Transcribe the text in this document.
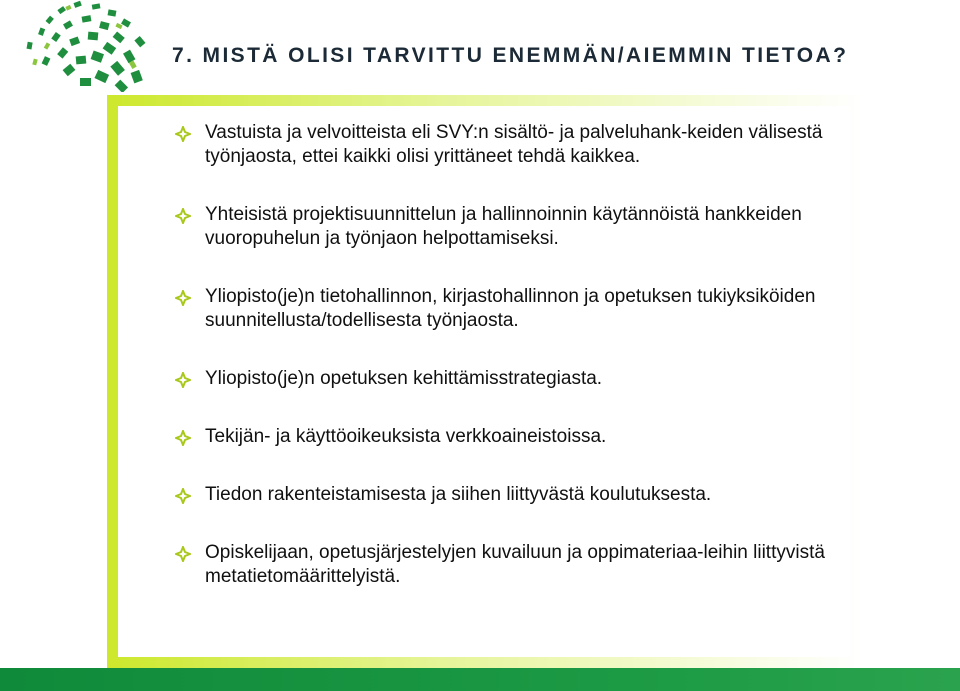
7. MISTÄ OLISI TARVITTU ENEMMÄN/AIEMMIN TIETOA?
Vastuista ja velvoitteista eli SVY:n sisältö- ja palveluhank-keiden välisestä työnjaosta, ettei kaikki olisi yrittäneet tehdä kaikkea.
Yhteisistä projektisuunnittelun ja hallinnoinnin käytännöistä hankkeiden vuoropuhelun ja työnjaon helpottamiseksi.
Yliopisto(je)n tietohallinnon, kirjastohallinnon ja opetuksen tukiyksiköiden suunnitellusta/todellisesta työnjaosta.
Yliopisto(je)n opetuksen kehittämisstrategiasta.
Tekijän- ja käyttöoikeuksista verkkoaineistoissa.
Tiedon rakenteistamisesta ja siihen liittyvästä koulutuksesta.
Opiskelijaan, opetusjärjestelyjen kuvailuun ja oppimateriaa-leihin liittyvistä metatietomäärittelyistä.
